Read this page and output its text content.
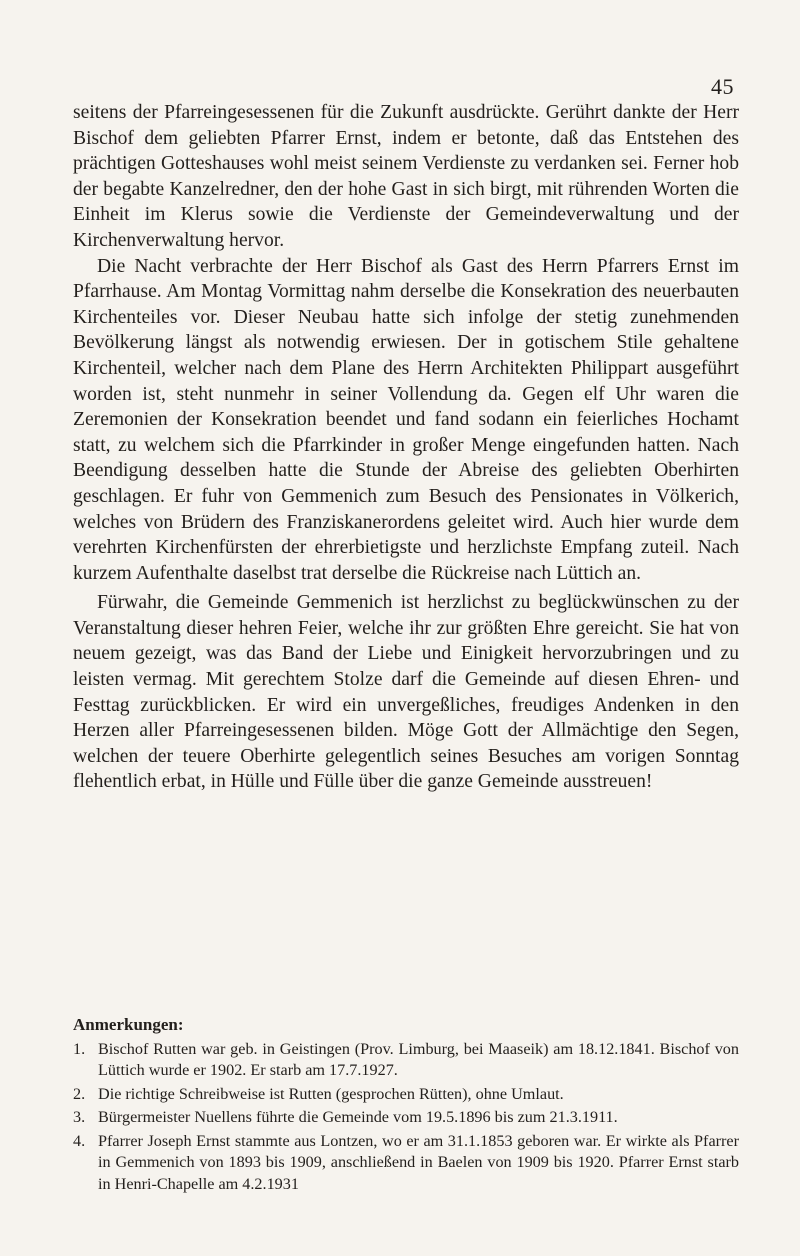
45

seitens der Pfarreingesessenen für die Zukunft ausdrückte. Gerührt dankte der Herr Bischof dem geliebten Pfarrer Ernst, indem er betonte, daß das Entstehen des prächtigen Gotteshauses wohl meist seinem Verdienste zu verdanken sei. Ferner hob der begabte Kanzelredner, den der hohe Gast in sich birgt, mit rührenden Worten die Einheit im Klerus sowie die Verdienste der Gemeindeverwaltung und der Kirchenverwaltung hervor.

Die Nacht verbrachte der Herr Bischof als Gast des Herrn Pfarrers Ernst im Pfarrhause. Am Montag Vormittag nahm derselbe die Konsekration des neuerbauten Kirchenteiles vor. Dieser Neubau hatte sich infolge der stetig zunehmenden Bevölkerung längst als notwendig erwiesen. Der in gotischem Stile gehaltene Kirchenteil, welcher nach dem Plane des Herrn Architekten Philippart ausgeführt worden ist, steht nunmehr in seiner Vollendung da. Gegen elf Uhr waren die Zeremonien der Konsekration beendet und fand sodann ein feierliches Hochamt statt, zu welchem sich die Pfarrkinder in großer Menge eingefunden hatten. Nach Beendigung desselben hatte die Stunde der Abreise des geliebten Oberhirten geschlagen. Er fuhr von Gemmenich zum Besuch des Pensionates in Völkerich, welches von Brüdern des Franziskanerordens geleitet wird. Auch hier wurde dem verehrten Kirchenfürsten der ehrerbietigste und herzlichste Empfang zuteil. Nach kurzem Aufenthalte daselbst trat derselbe die Rückreise nach Lüttich an.

Fürwahr, die Gemeinde Gemmenich ist herzlichst zu beglückwünschen zu der Veranstaltung dieser hehren Feier, welche ihr zur größten Ehre gereicht. Sie hat von neuem gezeigt, was das Band der Liebe und Einigkeit hervorzubringen und zu leisten vermag. Mit gerechtem Stolze darf die Gemeinde auf diesen Ehren- und Festtag zurückblicken. Er wird ein unvergeßliches, freudiges Andenken in den Herzen aller Pfarreingesessenen bilden. Möge Gott der Allmächtige den Segen, welchen der teuere Oberhirte gelegentlich seines Besuches am vorigen Sonntag flehentlich erbat, in Hülle und Fülle über die ganze Gemeinde ausstreuen!

Anmerkungen:
1. Bischof Rutten war geb. in Geistingen (Prov. Limburg, bei Maaseik) am 18.12.1841. Bischof von Lüttich wurde er 1902. Er starb am 17.7.1927.
2. Die richtige Schreibweise ist Rutten (gesprochen Rütten), ohne Umlaut.
3. Bürgermeister Nuellens führte die Gemeinde vom 19.5.1896 bis zum 21.3.1911.
4. Pfarrer Joseph Ernst stammte aus Lontzen, wo er am 31.1.1853 geboren war. Er wirkte als Pfarrer in Gemmenich von 1893 bis 1909, anschließend in Baelen von 1909 bis 1920. Pfarrer Ernst starb in Henri-Chapelle am 4.2.1931
